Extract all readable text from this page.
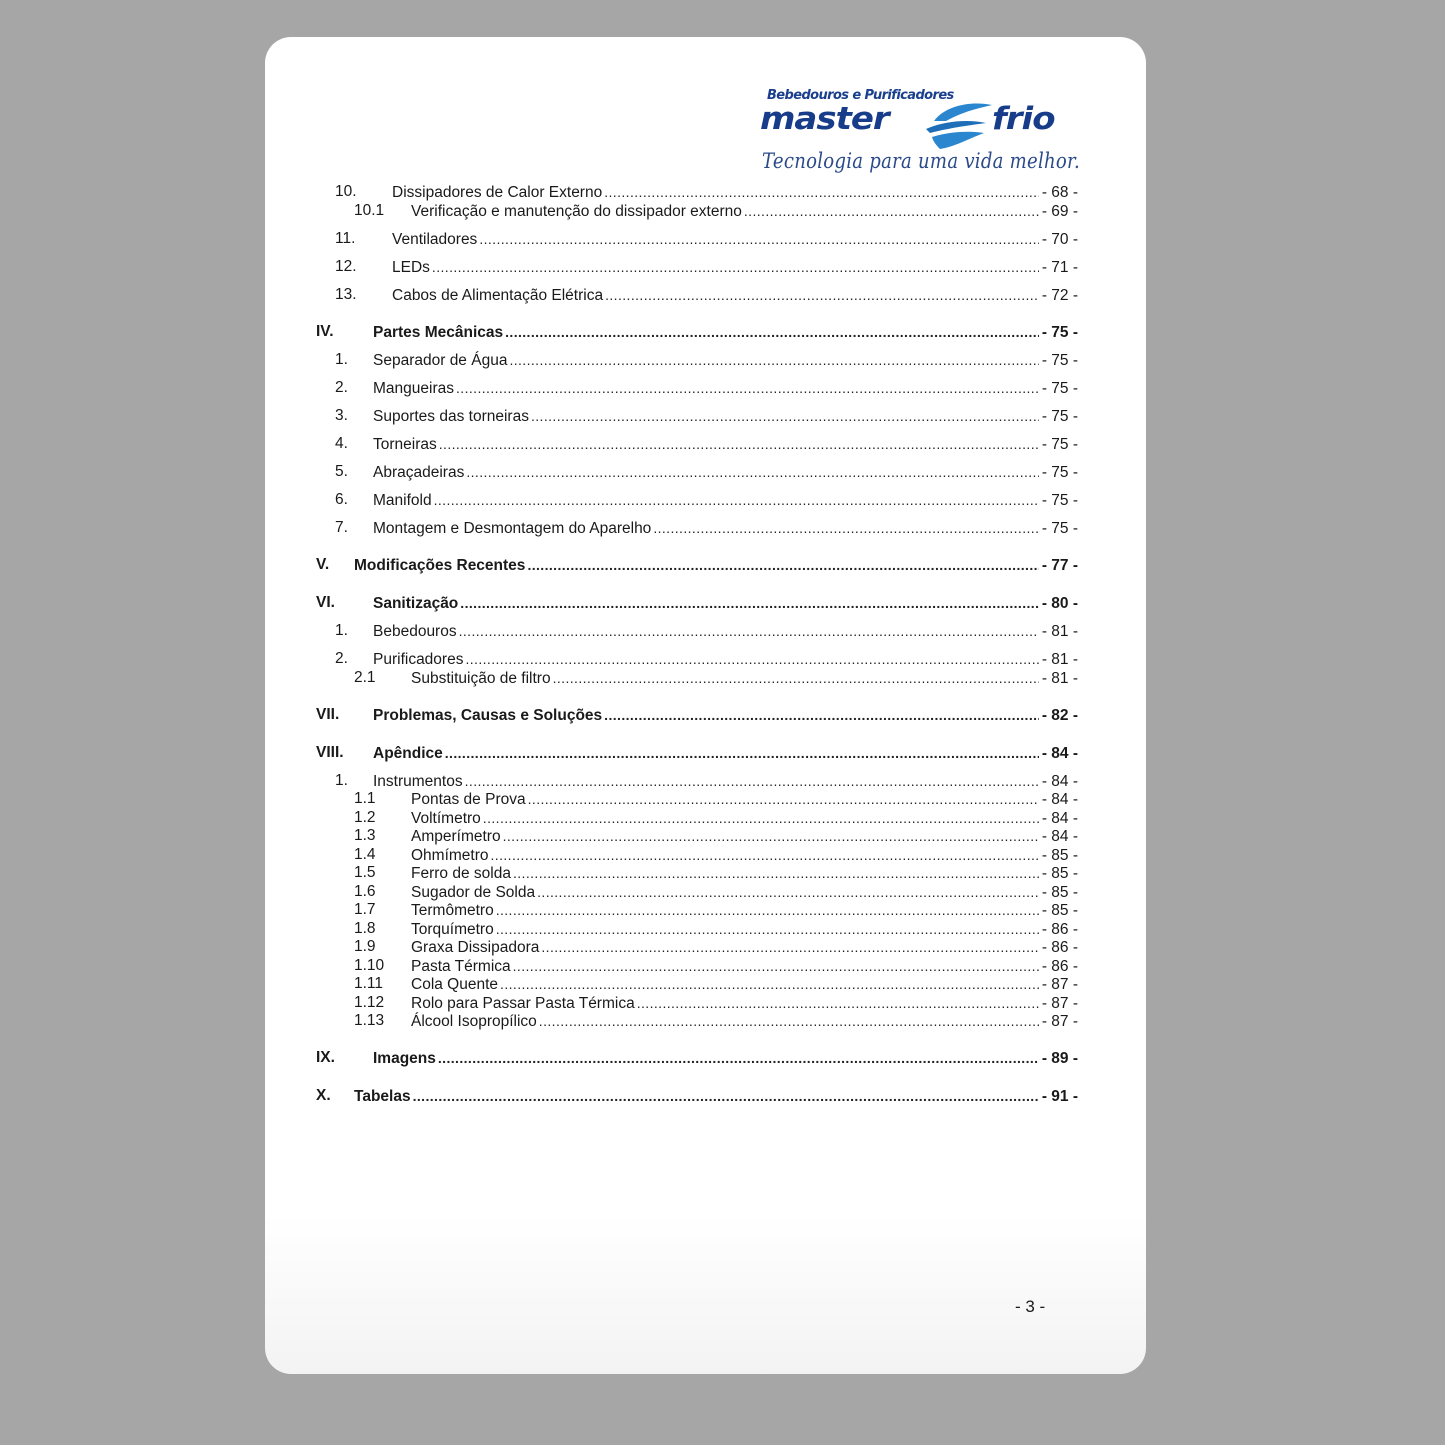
Bebedouros e Purificadores
master	frio
Tecnologia para uma vida melhor.
10. Dissipadores de Calor Externo .....	- 68 -
10.1 Verificação e manutenção do dissipador externo .....	- 69 -
11. Ventiladores .....	- 70 -
12. LEDs .....	- 71 -
13. Cabos de Alimentação Elétrica .....	- 72 -
IV.	Partes Mecânicas .....	- 75 -
1. Separador de Água .....	- 75 -
2. Mangueiras .....	- 75 -
3. Suportes das torneiras .....	- 75 -
4. Torneiras .....	- 75 -
5. Abraçadeiras .....	- 75 -
6. Manifold .....	- 75 -
7. Montagem e Desmontagem do Aparelho .....	- 75 -
V. Modificações Recentes .....	- 77 -
VI. Sanitização .....	- 80 -
1. Bebedouros .....	- 81 -
2. Purificadores .....	- 81 -
2.1 Substituição de filtro .....	- 81 -
VII. Problemas, Causas e Soluções .....	- 82 -
VIII. Apêndice .....	- 84 -
1. Instrumentos .....	- 84 -
1.1 Pontas de Prova .....	- 84 -
1.2 Voltímetro .....	- 84 -
1.3 Amperímetro .....	- 84 -
1.4 Ohmímetro .....	- 85 -
1.5 Ferro de solda .....	- 85 -
1.6 Sugador de Solda .....	- 85 -
1.7 Termômetro .....	- 85 -
1.8 Torquímetro .....	- 86 -
1.9 Graxa Dissipadora .....	- 86 -
1.10 Pasta Térmica .....	- 86 -
1.11 Cola Quente .....	- 87 -
1.12 Rolo para Passar Pasta Térmica .....	- 87 -
1.13 Álcool Isopropílico .....	- 87 -
IX. Imagens .....	- 89 -
X. Tabelas .....	- 91 -
- 3 -
